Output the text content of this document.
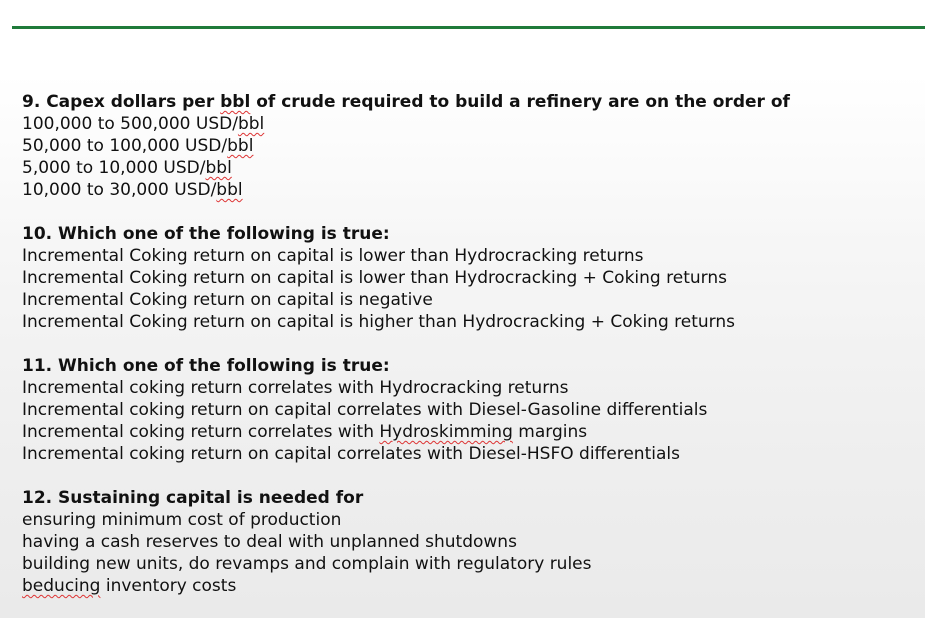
9. Capex dollars per bbl of crude required to build a refinery are on the order of
100,000 to 500,000 USD/bbl
50,000 to 100,000 USD/bbl
5,000 to 10,000 USD/bbl
10,000 to 30,000 USD/bbl
10. Which one of the following is true:
Incremental Coking return on capital is lower than Hydrocracking returns
Incremental Coking return on capital is lower than Hydrocracking + Coking returns
Incremental Coking return on capital is negative
Incremental Coking return on capital is higher than Hydrocracking + Coking returns
11. Which one of the following is true:
Incremental coking return correlates with Hydrocracking returns
Incremental coking return on capital correlates with Diesel-Gasoline differentials
Incremental coking return correlates with Hydroskimming margins
Incremental coking return on capital correlates with Diesel-HSFO differentials
12. Sustaining capital is needed for
ensuring minimum cost of production
having a cash reserves to deal with unplanned shutdowns
building new units, do revamps and complain with regulatory rules
beducing inventory costs
